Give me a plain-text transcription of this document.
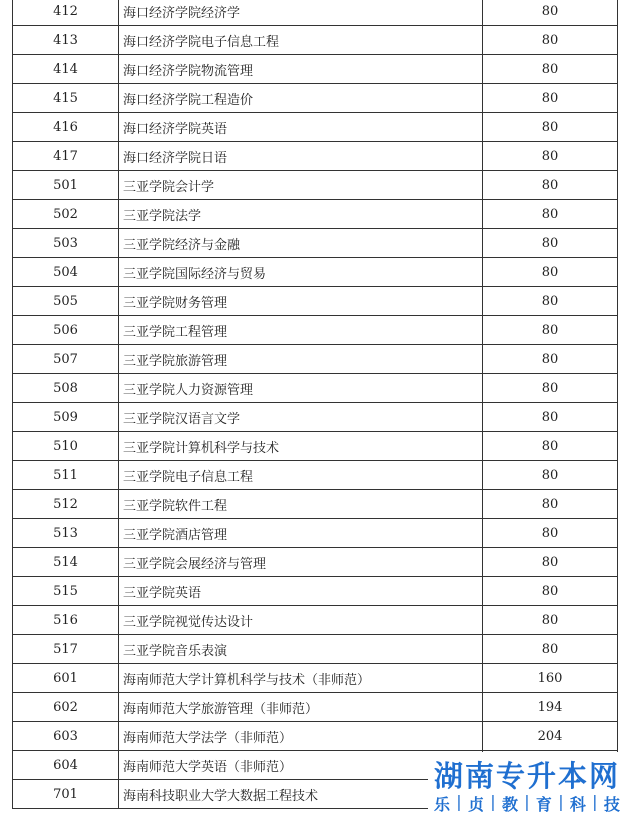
412	海口经济学院经济学	80
413	海口经济学院电子信息工程	80
414	海口经济学院物流管理	80
415	海口经济学院工程造价	80
416	海口经济学院英语	80
417	海口经济学院日语	80
501	三亚学院会计学	80
502	三亚学院法学	80
503	三亚学院经济与金融	80
504	三亚学院国际经济与贸易	80
505	三亚学院财务管理	80
506	三亚学院工程管理	80
507	三亚学院旅游管理	80
508	三亚学院人力资源管理	80
509	三亚学院汉语言文学	80
510	三亚学院计算机科学与技术	80
511	三亚学院电子信息工程	80
512	三亚学院软件工程	80
513	三亚学院酒店管理	80
514	三亚学院会展经济与管理	80
515	三亚学院英语	80
516	三亚学院视觉传达设计	80
517	三亚学院音乐表演	80
601	海南师范大学计算机科学与技术（非师范）	160
602	海南师范大学旅游管理（非师范）	194
603	海南师范大学法学（非师范）	204
604	海南师范大学英语（非师范）	
701	海南科技职业大学大数据工程技术	
湖南专升本网
乐 | 贞 | 教 | 育 | 科 | 技
